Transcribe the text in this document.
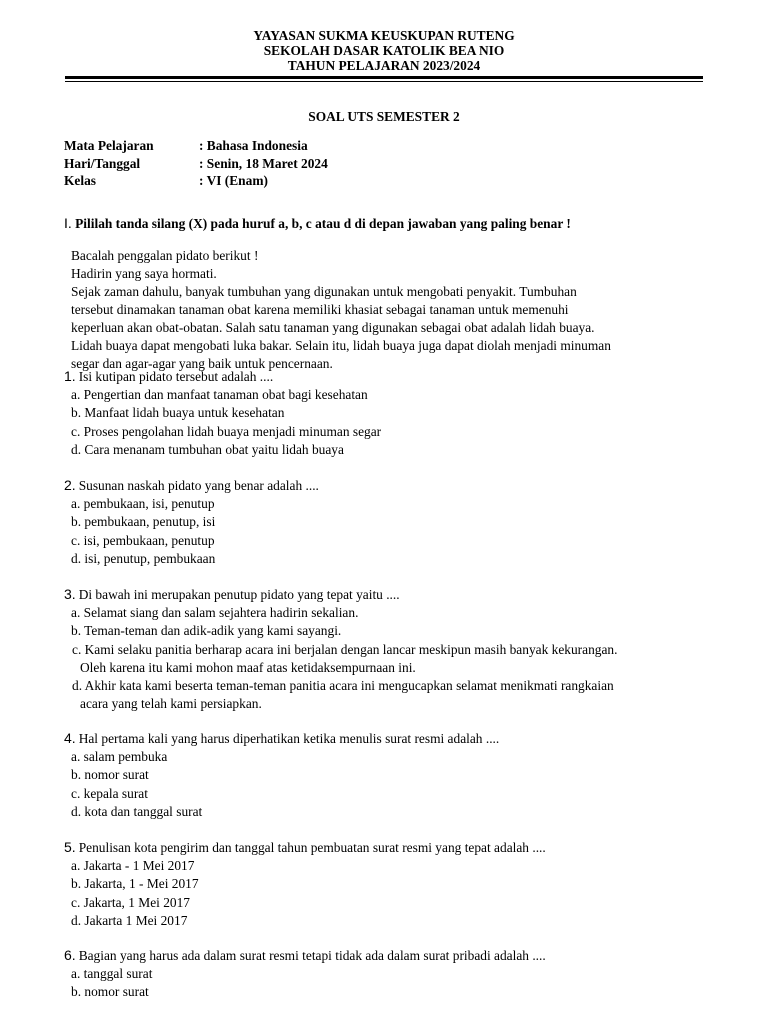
YAYASAN SUKMA KEUSKUPAN RUTENG
SEKOLAH DASAR KATOLIK BEA NIO
TAHUN PELAJARAN 2023/2024
SOAL UTS SEMESTER 2
Mata Pelajaran	: Bahasa Indonesia
Hari/Tanggal	: Senin, 18 Maret 2024
Kelas	: VI (Enam)
I. Pililah tanda silang (X) pada huruf a, b, c atau d di depan jawaban yang paling benar !
Bacalah penggalan pidato berikut !
Hadirin yang saya hormati.
Sejak zaman dahulu, banyak tumbuhan yang digunakan untuk mengobati penyakit. Tumbuhan
tersebut dinamakan tanaman obat karena memiliki khasiat sebagai tanaman untuk memenuhi
keperluan akan obat-obatan. Salah satu tanaman yang digunakan sebagai obat adalah lidah buaya.
Lidah buaya dapat mengobati luka bakar. Selain itu, lidah buaya juga dapat diolah menjadi minuman
segar dan agar-agar yang baik untuk pencernaan.
1. Isi kutipan pidato tersebut adalah ....
a. Pengertian dan manfaat tanaman obat bagi kesehatan
b. Manfaat lidah buaya untuk kesehatan
c. Proses pengolahan lidah buaya menjadi minuman segar
d. Cara menanam tumbuhan obat yaitu lidah buaya
2. Susunan naskah pidato yang benar adalah ....
a. pembukaan, isi, penutup
b. pembukaan, penutup, isi
c. isi, pembukaan, penutup
d. isi, penutup, pembukaan
3. Di bawah ini merupakan penutup pidato yang tepat yaitu ....
a. Selamat siang dan salam sejahtera hadirin sekalian.
b. Teman-teman dan adik-adik yang kami sayangi.
c. Kami selaku panitia berharap acara ini berjalan dengan lancar meskipun masih banyak kekurangan.
Oleh karena itu kami mohon maaf atas ketidaksempurnaan ini.
d. Akhir kata kami beserta teman-teman panitia acara ini mengucapkan selamat menikmati rangkaian
acara yang telah kami persiapkan.
4. Hal pertama kali yang harus diperhatikan ketika menulis surat resmi adalah ....
a. salam pembuka
b. nomor surat
c. kepala surat
d. kota dan tanggal surat
5. Penulisan kota pengirim dan tanggal tahun pembuatan surat resmi yang tepat adalah ....
a. Jakarta - 1 Mei 2017
b. Jakarta, 1 - Mei 2017
c. Jakarta, 1 Mei 2017
d. Jakarta 1 Mei 2017
6. Bagian yang harus ada dalam surat resmi tetapi tidak ada dalam surat pribadi adalah ....
a. tanggal surat
b. nomor surat
